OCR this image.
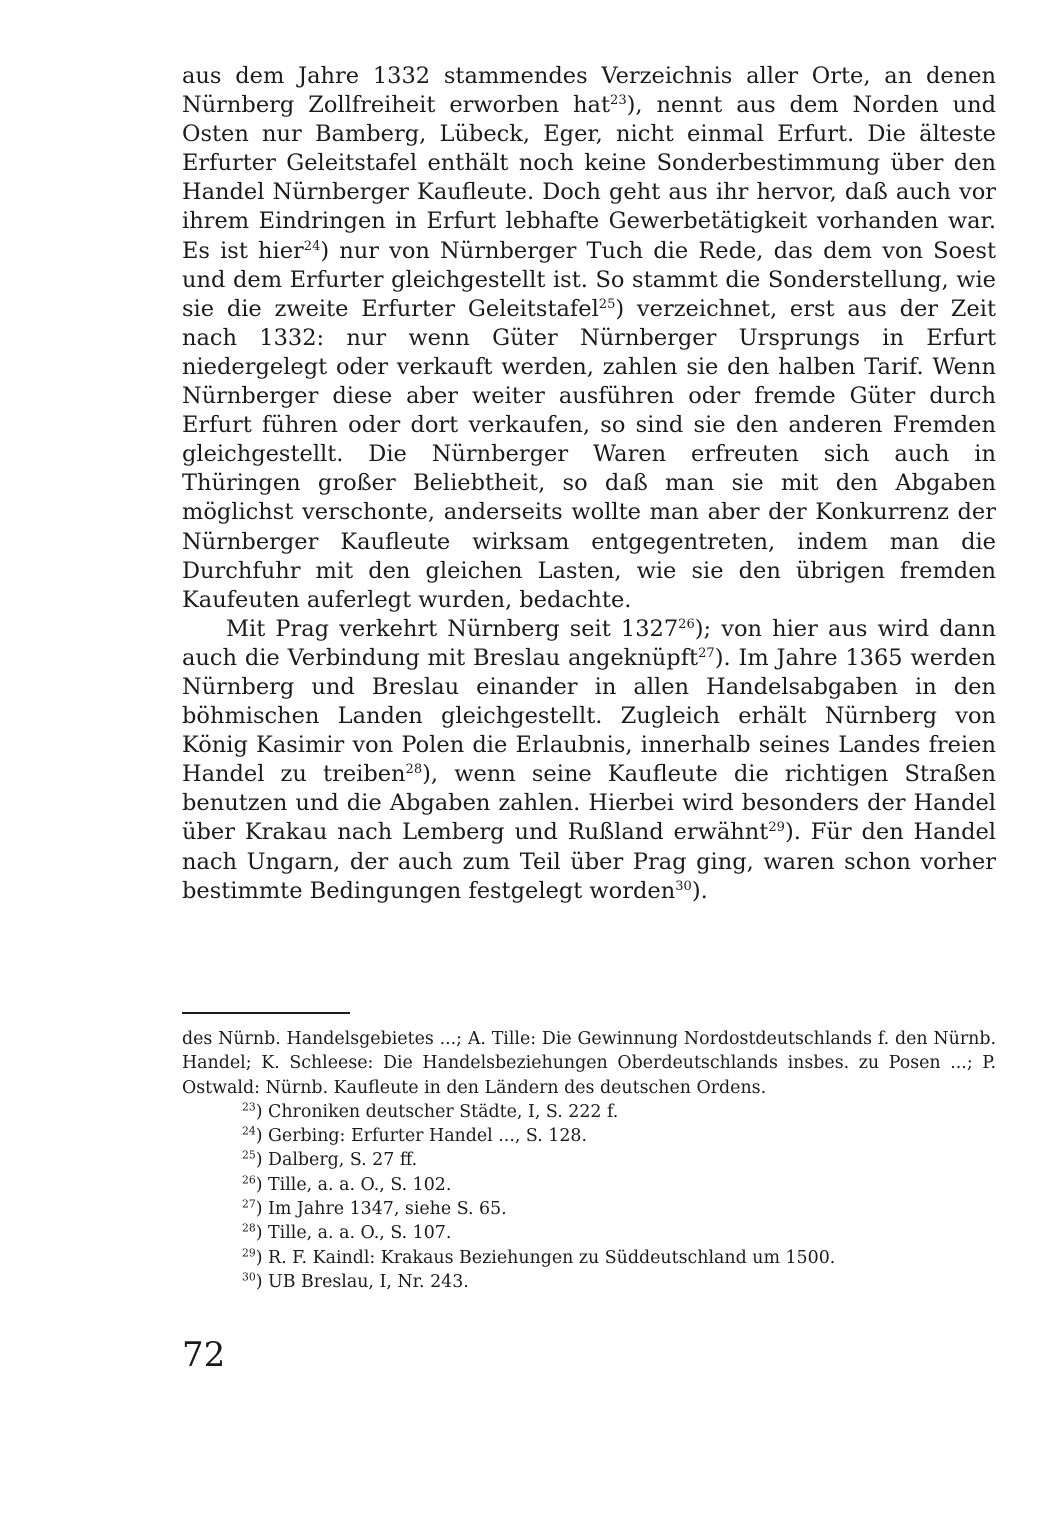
aus dem Jahre 1332 stammendes Verzeichnis aller Orte, an denen Nürnberg Zollfreiheit erworben hat$^{23}$), nennt aus dem Norden und Osten nur Bamberg, Lübeck, Eger, nicht einmal Erfurt. Die älteste Erfurter Geleitstafel enthält noch keine Sonderbestimmung über den Handel Nürnberger Kaufleute. Doch geht aus ihr hervor, daß auch vor ihrem Eindringen in Erfurt lebhafte Gewerbetätigkeit vorhanden war. Es ist hier$^{24}$) nur von Nürnberger Tuch die Rede, das dem von Soest und dem Erfurter gleichgestellt ist. So stammt die Sonderstellung, wie sie die zweite Erfurter Geleitstafel$^{25}$) verzeichnet, erst aus der Zeit nach 1332: nur wenn Güter Nürnberger Ursprungs in Erfurt niedergelegt oder verkauft werden, zahlen sie den halben Tarif. Wenn Nürnberger diese aber weiter ausführen oder fremde Güter durch Erfurt führen oder dort verkaufen, so sind sie den anderen Fremden gleichgestellt. Die Nürnberger Waren erfreuten sich auch in Thüringen großer Beliebtheit, so daß man sie mit den Abgaben möglichst verschonte, anderseits wollte man aber der Konkurrenz der Nürnberger Kaufleute wirksam entgegentreten, indem man die Durchfuhr mit den gleichen Lasten, wie sie den übrigen fremden Kaufeuten auferlegt wurden, bedachte.

Mit Prag verkehrt Nürnberg seit 1327$^{26}$); von hier aus wird dann auch die Verbindung mit Breslau angeknüpft$^{27}$). Im Jahre 1365 werden Nürnberg und Breslau einander in allen Handelsabgaben in den böhmischen Landen gleichgestellt. Zugleich erhält Nürnberg von König Kasimir von Polen die Erlaubnis, innerhalb seines Landes freien Handel zu treiben$^{28}$), wenn seine Kaufleute die richtigen Straßen benutzen und die Abgaben zahlen. Hierbei wird besonders der Handel über Krakau nach Lemberg und Rußland erwähnt$^{29}$). Für den Handel nach Ungarn, der auch zum Teil über Prag ging, waren schon vorher bestimmte Bedingungen festgelegt worden$^{30}$).

des Nürnb. Handelsgebietes ...; A. Tille: Die Gewinnung Nordostdeutschlands f. den Nürnb. Handel; K. Schleese: Die Handelsbeziehungen Oberdeutschlands insbes. zu Posen ...; P. Ostwald: Nürnb. Kaufleute in den Ländern des deutschen Ordens.

$^{23}$) Chroniken deutscher Städte, I, S. 222 f.
$^{24}$) Gerbing: Erfurter Handel ..., S. 128.
$^{25}$) Dalberg, S. 27 ff.
$^{26}$) Tille, a. a. O., S. 102.
$^{27}$) Im Jahre 1347, siehe S. 65.
$^{28}$) Tille, a. a. O., S. 107.
$^{29}$) R. F. Kaindl: Krakaus Beziehungen zu Süddeutschland um 1500.
$^{30}$) UB Breslau, I, Nr. 243.
72
